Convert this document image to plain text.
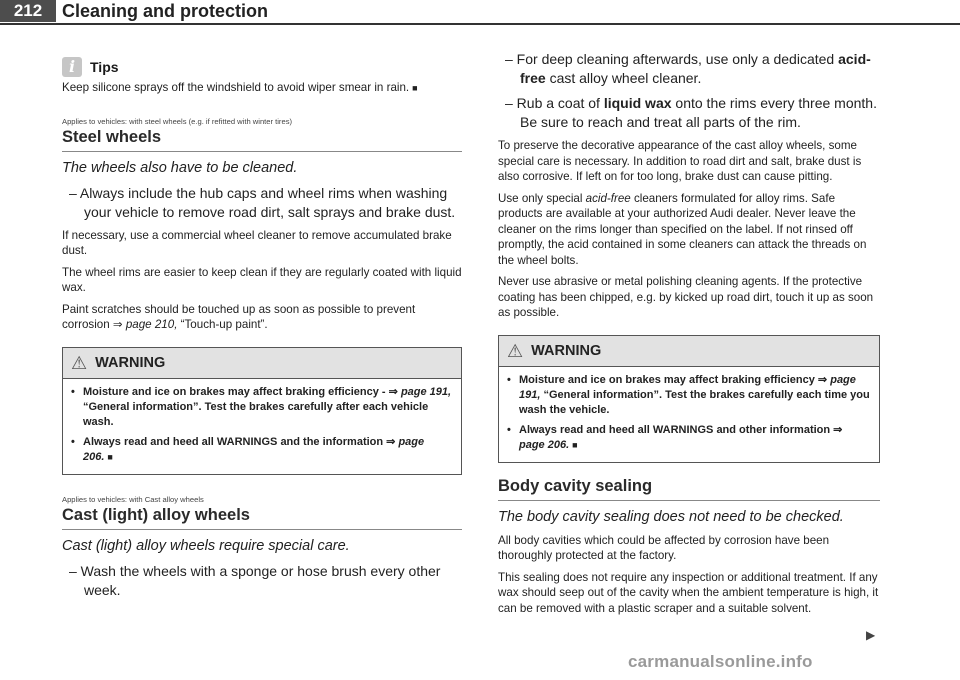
212	Cleaning and protection
i	Tips

Keep silicone sprays off the windshield to avoid wiper smear in rain. ■

Applies to vehicles: with steel wheels (e.g. if refitted with winter tires)

Steel wheels
The wheels also have to be cleaned.

– Always include the hub caps and wheel rims when washing your vehicle to remove road dirt, salt sprays and brake dust.

If necessary, use a commercial wheel cleaner to remove accumulated brake dust.

The wheel rims are easier to keep clean if they are regularly coated with liquid wax.

Paint scratches should be touched up as soon as possible to prevent corrosion ⇒ page 210, “Touch-up paint”.

⚠ WARNING

• Moisture and ice on brakes may affect braking efficiency - ⇒ page 191, “General information”. Test the brakes carefully after each vehicle wash.

• Always read and heed all WARNINGS and the information ⇒ page 206. ■

Applies to vehicles: with Cast alloy wheels

Cast (light) alloy wheels
Cast (light) alloy wheels require special care.

– Wash the wheels with a sponge or hose brush every other week.

– For deep cleaning afterwards, use only a dedicated acid-free cast alloy wheel cleaner.

– Rub a coat of liquid wax onto the rims every three month. Be sure to reach and treat all parts of the rim.

To preserve the decorative appearance of the cast alloy wheels, some special care is necessary. In addition to road dirt and salt, brake dust is also corrosive. If left on for too long, brake dust can cause pitting.

Use only special acid-free cleaners formulated for alloy rims. Safe products are available at your authorized Audi dealer. Never leave the cleaner on the rims longer than specified on the label. If not rinsed off promptly, the acid contained in some cleaners can attack the threads on the wheel bolts.

Never use abrasive or metal polishing cleaning agents. If the protective coating has been chipped, e.g. by kicked up road dirt, touch it up as soon as possible.

⚠ WARNING

• Moisture and ice on brakes may affect braking efficiency ⇒ page 191, “General information”. Test the brakes carefully each time you wash the vehicle.

• Always read and heed all WARNINGS and other information ⇒ page 206. ■

Body cavity sealing
The body cavity sealing does not need to be checked.

All body cavities which could be affected by corrosion have been thoroughly protected at the factory.

This sealing does not require any inspection or additional treatment. If any wax should seep out of the cavity when the ambient temperature is high, it can be removed with a plastic scraper and a suitable solvent.

▶
carmanualsonline.info
